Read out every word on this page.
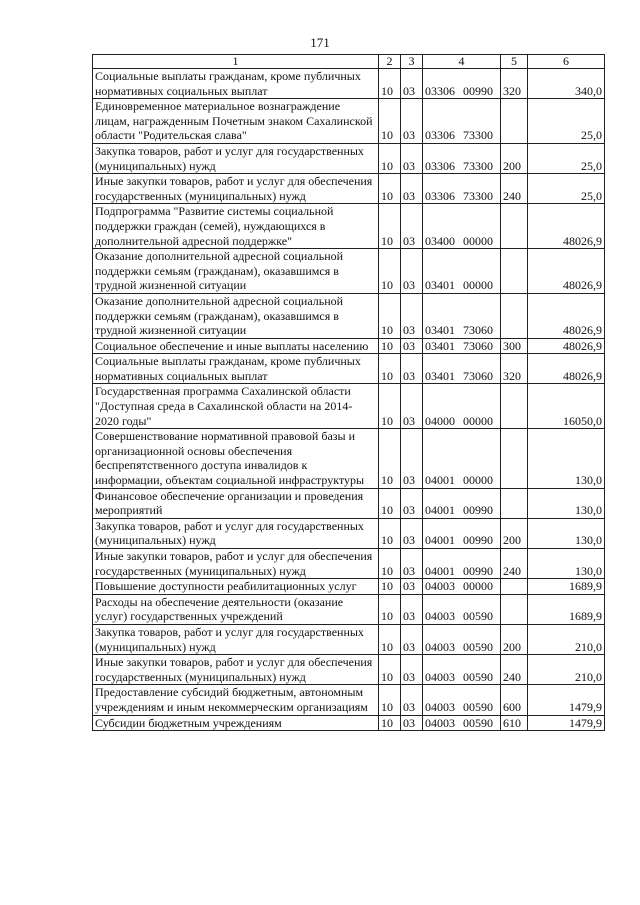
171
1	2	3	4	5	6
Социальные выплаты гражданам, кроме публичных нормативных социальных выплат	10	03	03306 00990	320	340,0
Единовременное материальное вознаграждение лицам, награжденным Почетным знаком Сахалинской области "Родительская слава"	10	03	03306 73300		25,0
Закупка товаров, работ и услуг для государственных (муниципальных) нужд	10	03	03306 73300	200	25,0
Иные закупки товаров, работ и услуг для обеспечения государственных (муниципальных) нужд	10	03	03306 73300	240	25,0
Подпрограмма "Развитие системы социальной поддержки граждан (семей), нуждающихся в дополнительной адресной поддержке"	10	03	03400 00000		48026,9
Оказание дополнительной адресной социальной поддержки семьям (гражданам), оказавшимся в трудной жизненной ситуации	10	03	03401 00000		48026,9
Оказание дополнительной адресной социальной поддержки семьям (гражданам), оказавшимся в трудной жизненной ситуации	10	03	03401 73060		48026,9
Социальное обеспечение и иные выплаты населению	10	03	03401 73060	300	48026,9
Социальные выплаты гражданам, кроме публичных нормативных социальных выплат	10	03	03401 73060	320	48026,9
Государственная программа Сахалинской области "Доступная среда в Сахалинской области на 2014-2020 годы"	10	03	04000 00000		16050,0
Совершенствование нормативной правовой базы и организационной основы обеспечения беспрепятственного доступа инвалидов к информации, объектам социальной инфраструктуры	10	03	04001 00000		130,0
Финансовое обеспечение организации и проведения мероприятий	10	03	04001 00990		130,0
Закупка товаров, работ и услуг для государственных (муниципальных) нужд	10	03	04001 00990	200	130,0
Иные закупки товаров, работ и услуг для обеспечения государственных (муниципальных) нужд	10	03	04001 00990	240	130,0
Повышение доступности реабилитационных услуг	10	03	04003 00000		1689,9
Расходы на обеспечение деятельности (оказание услуг) государственных учреждений	10	03	04003 00590		1689,9
Закупка товаров, работ и услуг для государственных (муниципальных) нужд	10	03	04003 00590	200	210,0
Иные закупки товаров, работ и услуг для обеспечения государственных (муниципальных) нужд	10	03	04003 00590	240	210,0
Предоставление субсидий бюджетным, автономным учреждениям и иным некоммерческим организациям	10	03	04003 00590	600	1479,9
Субсидии бюджетным учреждениям	10	03	04003 00590	610	1479,9
